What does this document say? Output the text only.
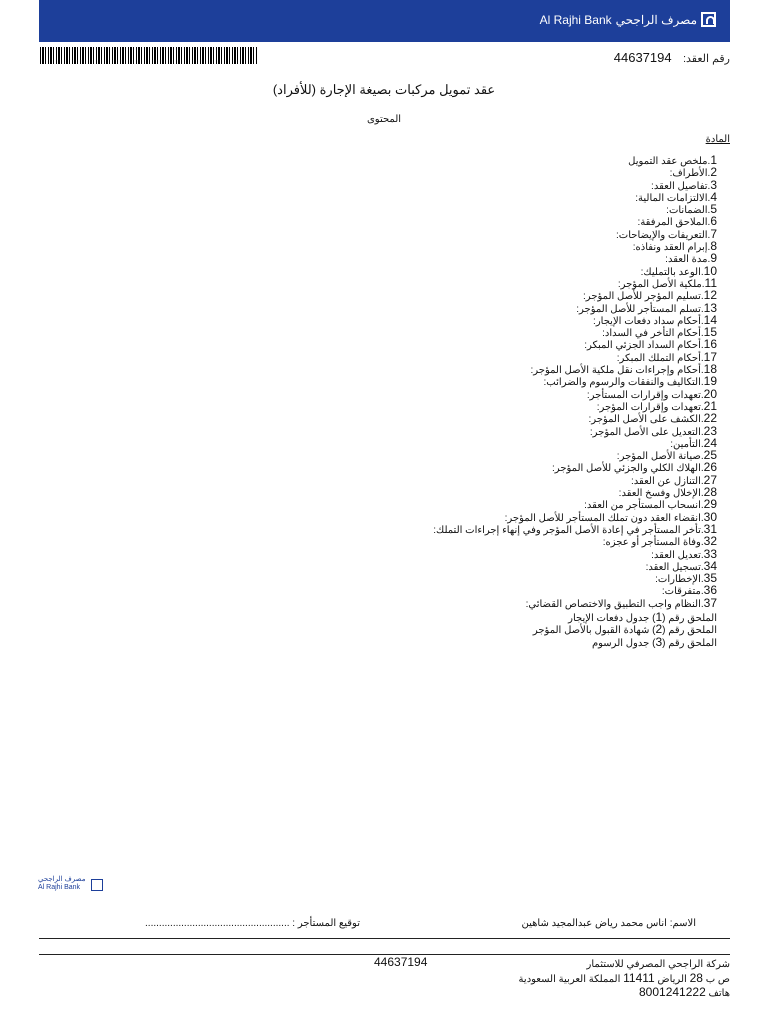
Al Rajhi Bank مصرف الراجحي
رقم العقد: 44637194
عقد تمويل مركبات بصيغة الإجارة (للأفراد)
المحتوى
المادة
1.ملخص عقد التمويل
2.الأطراف:
3.تفاصيل العقد:
4.الالتزامات المالية:
5.الضمانات:
6.الملاحق المرفقة:
7.التعريفات والإيضاحات:
8.إبرام العقد ونفاذه:
9.مدة العقد:
10.الوعد بالتمليك:
11.ملكية الأصل المؤجر:
12.تسليم المؤجر للأصل المؤجر:
13.تسلم المستأجر للأصل المؤجر:
14.أحكام سداد دفعات الإيجار:
15.أحكام التأخر في السداد:
16.أحكام السداد الجزئي المبكر:
17.أحكام التملك المبكر:
18.أحكام وإجراءات نقل ملكية الأصل المؤجر:
19.التكاليف والنفقات والرسوم والضرائب:
20.تعهدات وإقرارات المستأجر:
21.تعهدات وإقرارات المؤجر:
22.الكشف على الأصل المؤجر:
23.التعديل على الأصل المؤجر:
24.التأمين:
25.صيانة الأصل المؤجر:
26.الهلاك الكلي والجزئي للأصل المؤجر:
27.التنازل عن العقد:
28.الإخلال وفسخ العقد:
29.انسحاب المستأجر من العقد:
30.انقضاء العقد دون تملك المستأجر للأصل المؤجر:
31.تأخر المستأجر في إعادة الأصل المؤجر وفي إنهاء إجراءات التملك:
32.وفاة المستأجر أو عجزه:
33.تعديل العقد:
34.تسجيل العقد:
35.الإخطارات:
36.متفرقات:
37.النظام واجب التطبيق والاختصاص القضائي:
الملحق رقم (1) جدول دفعات الإيجار
الملحق رقم (2) شهادة القبول بالأصل المؤجر
الملحق رقم (3) جدول الرسوم
مصرف الراجحي
Al Rajhi Bank
الاسم: اناس محمد رياض عبدالمجيد شاهين
توقيع المستأجر : ....................................................
44637194	شركة الراجحي المصرفي للاستثمار
ص ب 28 الرياض 11411 المملكة العربية السعودية
هاتف 8001241222
